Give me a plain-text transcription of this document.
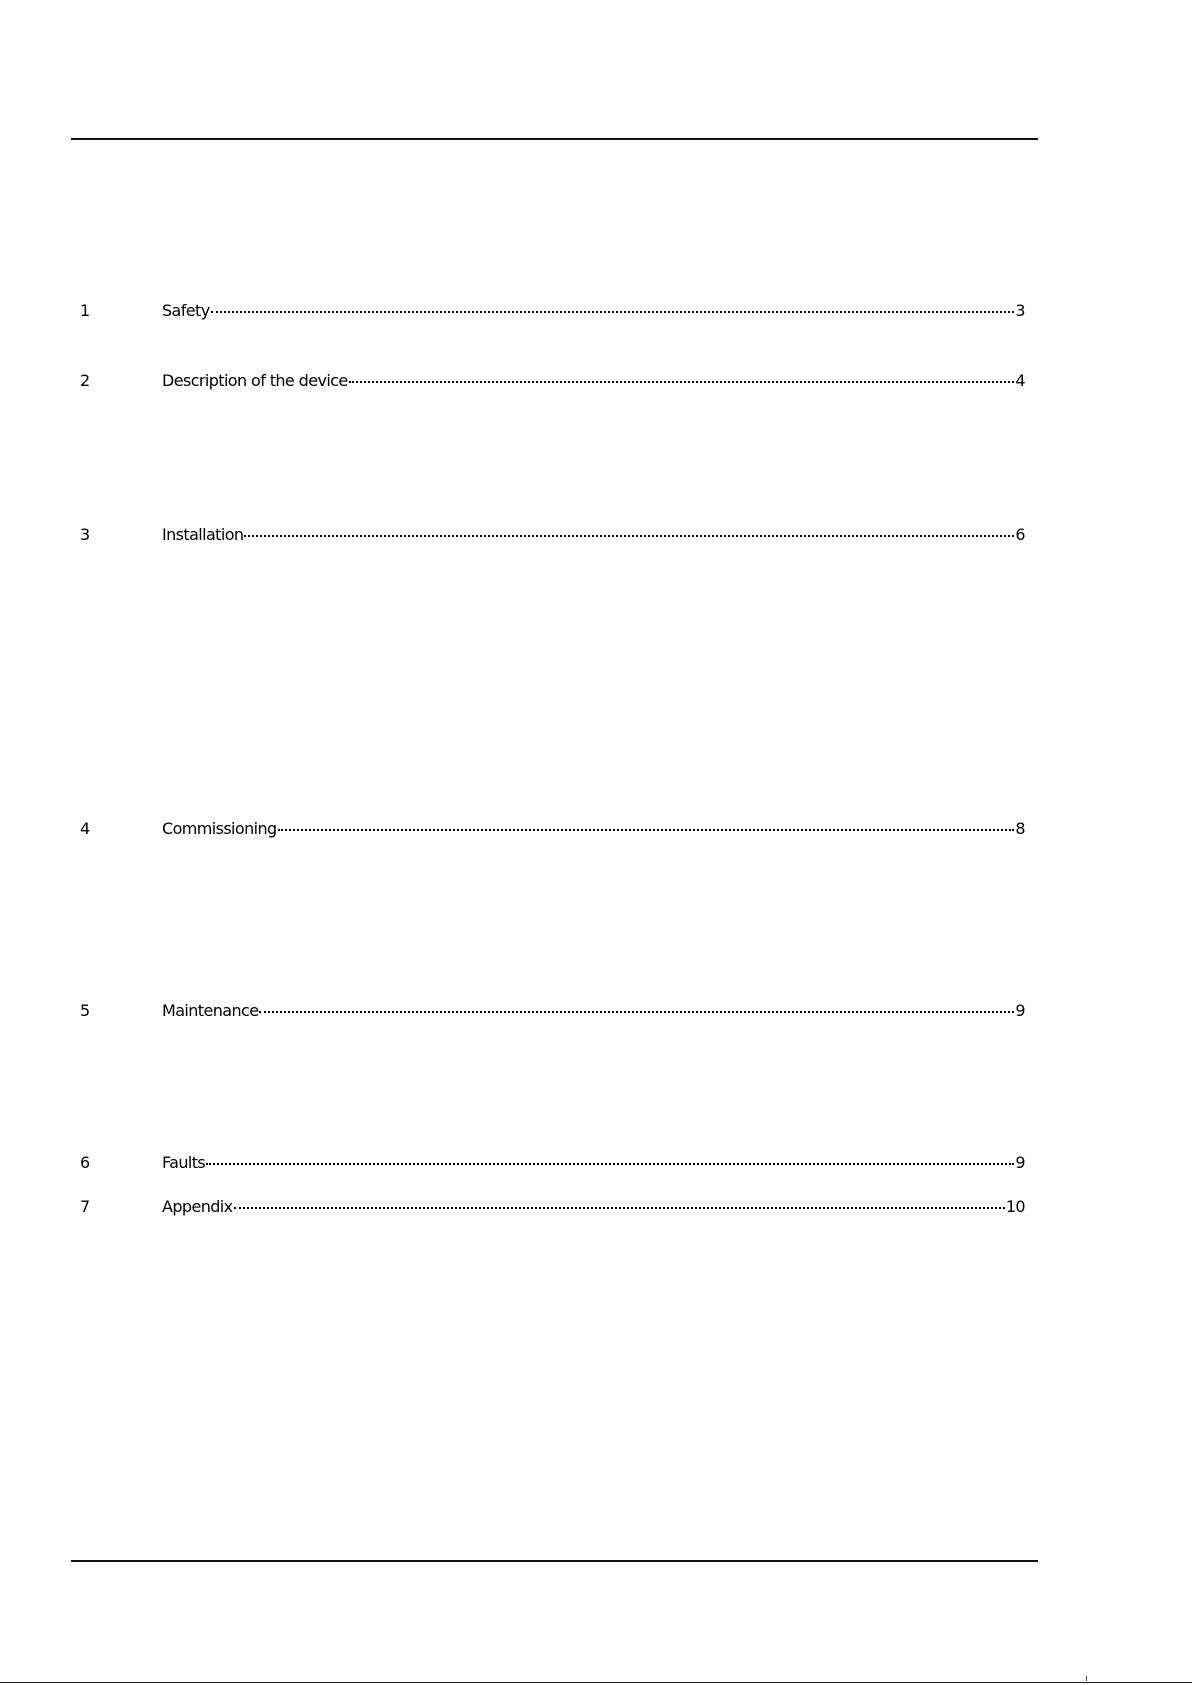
1	Safety	3
2	Description of the device	4
3	Installation	6
4	Commissioning	8
5	Maintenance	9
6	Faults	9
7	Appendix	10
